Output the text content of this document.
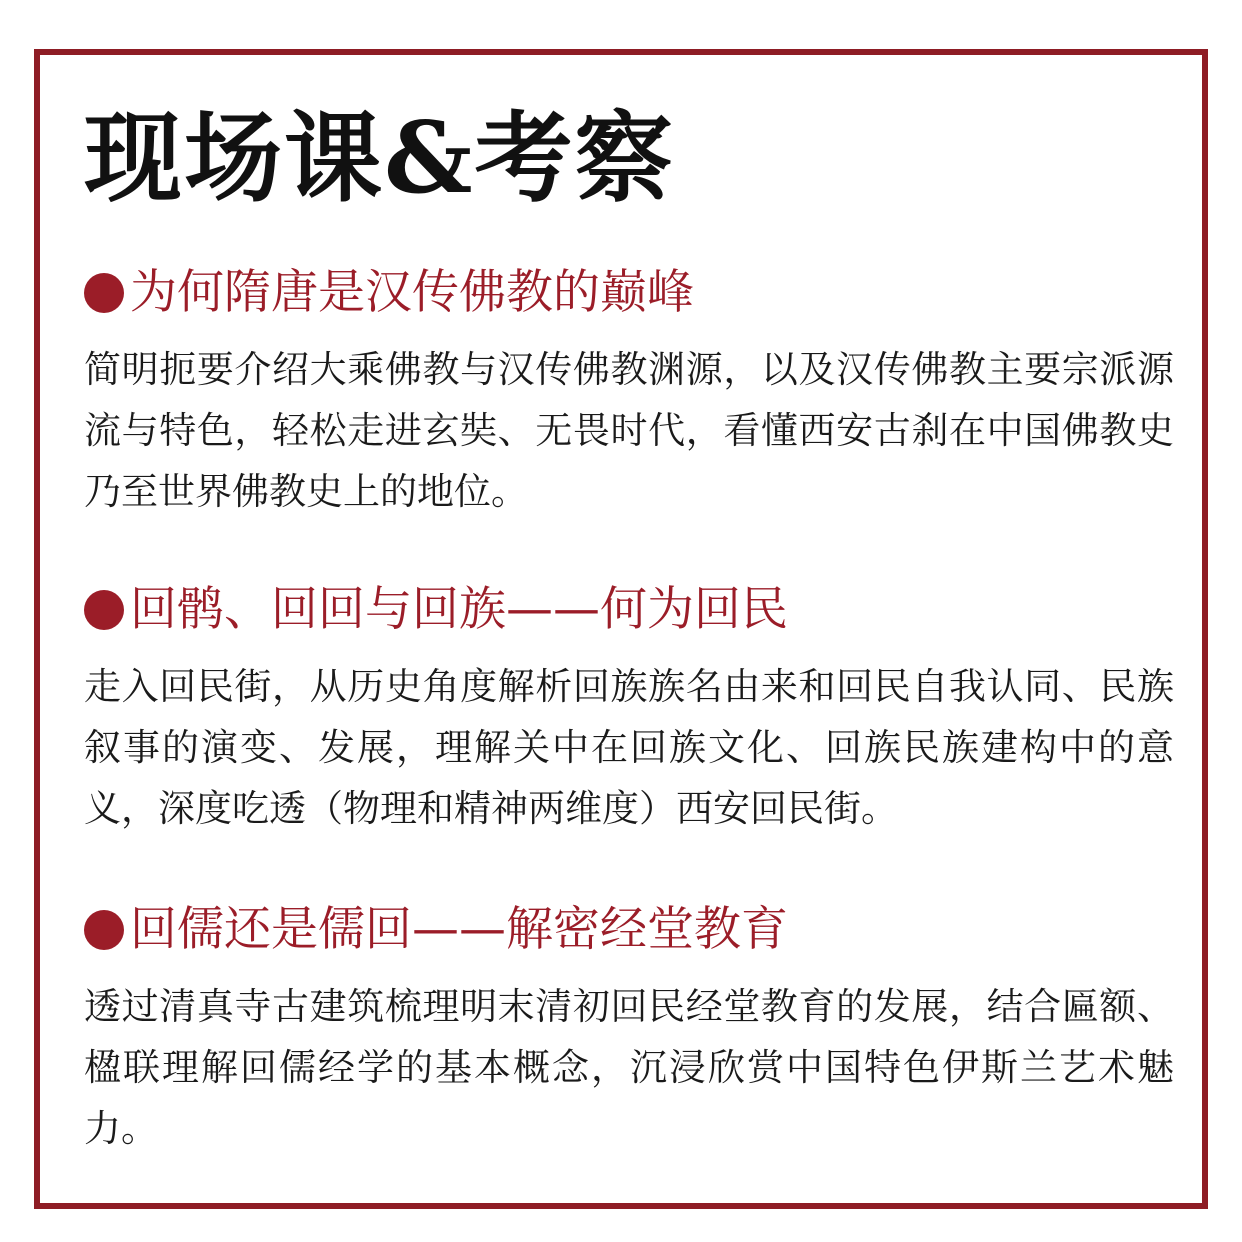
现场课&考察
为何隋唐是汉传佛教的巅峰

简明扼要介绍大乘佛教与汉传佛教渊源，以及汉传佛教主要宗派源流与特色，轻松走进玄奘、无畏时代，看懂西安古刹在中国佛教史乃至世界佛教史上的地位。

回鹘、回回与回族——何为回民

走入回民街，从历史角度解析回族族名由来和回民自我认同、民族叙事的演变、发展，理解关中在回族文化、回族民族建构中的意义，深度吃透（物理和精神两维度）西安回民街。

回儒还是儒回——解密经堂教育

透过清真寺古建筑梳理明末清初回民经堂教育的发展，结合匾额、楹联理解回儒经学的基本概念，沉浸欣赏中国特色伊斯兰艺术魅力。
